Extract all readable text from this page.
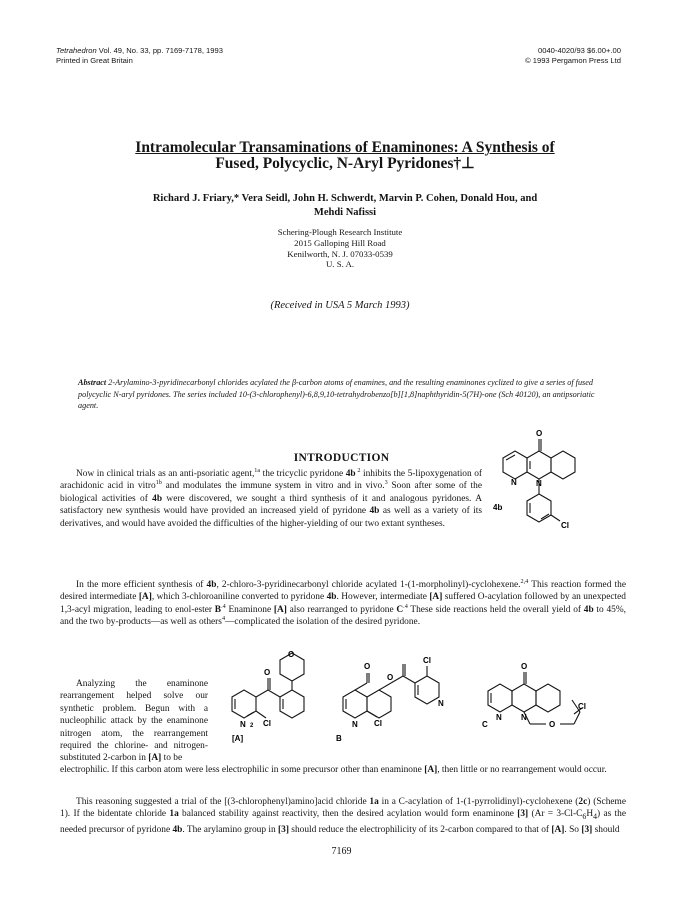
Tetrahedron Vol. 49, No. 33, pp. 7169-7178, 1993
Printed in Great Britain
0040-4020/93 $6.00+.00
© 1993 Pergamon Press Ltd
Intramolecular Transaminations of Enaminones: A Synthesis of
Fused, Polycyclic, N-Aryl Pyridones†⊥
Richard J. Friary,* Vera Seidl, John H. Schwerdt, Marvin P. Cohen, Donald Hou, and
Mehdi Nafissi
Schering-Plough Research Institute
2015 Galloping Hill Road
Kenilworth, N. J. 07033-0539
U. S. A.
(Received in USA 5 March 1993)
Abstract 2-Arylamino-3-pyridinecarbonyl chlorides acylated the β-carbon atoms of enamines, and the resulting enaminones cyclized to give a series of fused polycyclic N-aryl pyridones. The series included 10-(3-chlorophenyl)-6,8,9,10-tetrahydrobenzo[b][1,8]naphthyridin-5(7H)-one (Sch 40120), an antipsoriatic agent.
INTRODUCTION
Now in clinical trials as an anti-psoriatic agent,$^{1a}$ the tricyclic pyridone 4b $^2$ inhibits the 5-lipoxygenation of arachidonic acid in vitro$^{1b}$ and modulates the immune system in vitro and in vivo.$^3$ Soon after some of the biological activities of 4b were discovered, we sought a third synthesis of it and analogous pyridones. A satisfactory new synthesis would have provided an increased yield of pyridone 4b as well as a variety of its derivatives, and would have avoided the difficulties of the higher-yielding of our two extant syntheses.
In the more efficient synthesis of 4b, 2-chloro-3-pyridinecarbonyl chloride acylated 1-(1-morpholinyl)-cyclohexene.$^{2,4}$ This reaction formed the desired intermediate [A], which 3-chloroaniline converted to pyridone 4b. However, intermediate [A] suffered O-acylation followed by an unexpected 1,3-acyl migration, leading to enol-ester $B^{.4}$ Enaminone [A] also rearranged to pyridone $C^{.4}$ These side reactions held the overall yield of 4b to 45%, and the two by-products—as well as others$^4$—complicated the isolation of the desired pyridone.
Analyzing the enaminone rearrangement helped solve our synthetic problem. Begun with a nucleophilic attack by the enaminone nitrogen atom, the rearrangement required the chlorine- and nitrogen-substituted 2-carbon in [A] to be
electrophilic. If this carbon atom were less electrophilic in some precursor other than enaminone [A], then little or no rearrangement would occur.
This reasoning suggested a trial of the [(3-chlorophenyl)amino]acid chloride 1a in a C-acylation of 1-(1-pyrrolidinyl)-cyclohexene (2c) (Scheme 1). If the bidentate chloride 1a balanced stability against reactivity, then the desired acylation would form enaminone [3] $(Ar = 3-Cl-C_6H_4)$ as the needed precursor of pyridone 4b. The arylamino group in [3] should reduce the electrophilicity of its 2-carbon compared to that of [A]. So [3] should
O
N N
Cl
4b
O
O
N 2 Cl
[A]
O
O
Cl
N
N Cl
B
O
N N
O
Cl
C
7169
